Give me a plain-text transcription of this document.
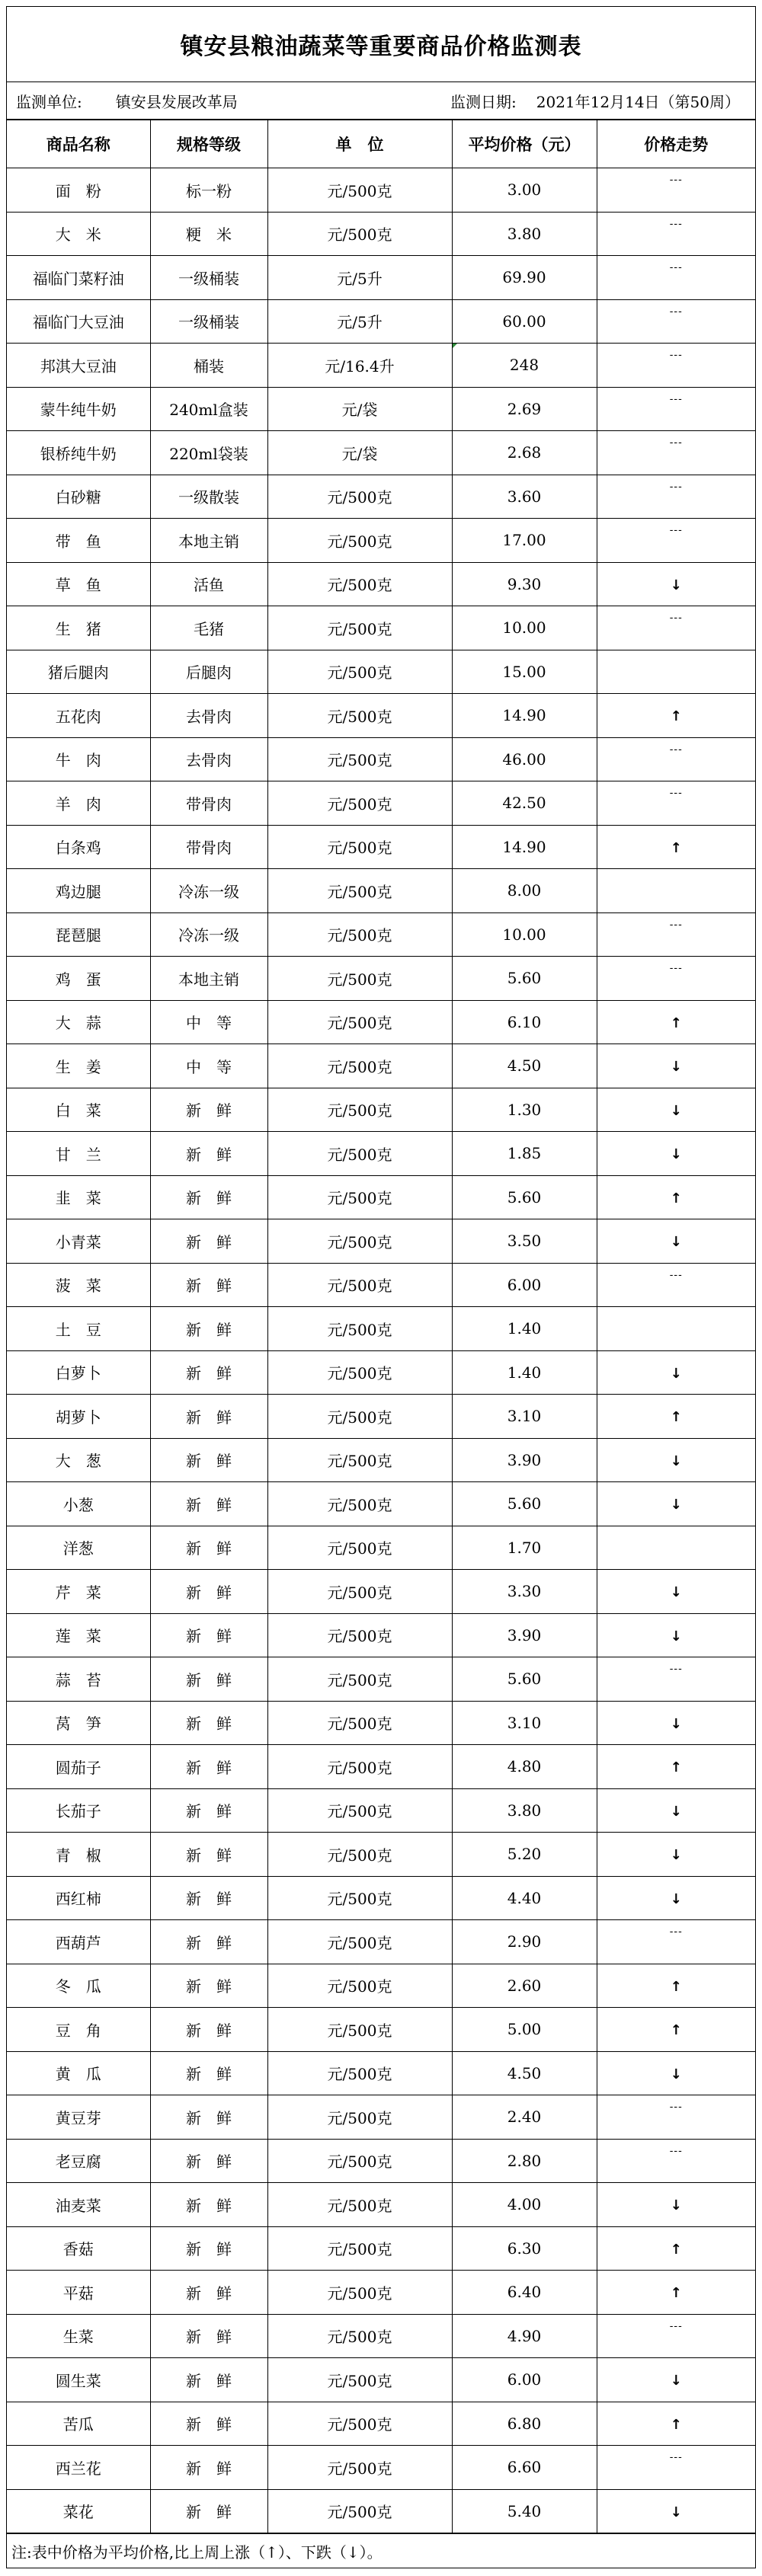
镇安县粮油蔬菜等重要商品价格监测表
监测单位: 镇安县发展改革局	监测日期: 2021年12月14日（第50周）
商品名称	规格等级	单　位	平均价格（元）	价格走势
面　粉	标一粉	元/500克	3.00	---

大　米	粳　米	元/500克	3.80	---

福临门菜籽油	一级桶装	元/5升	69.90	---

福临门大豆油	一级桶装	元/5升	60.00	---

邦淇大豆油	桶装	元/16.4升	248	---

蒙牛纯牛奶	240ml盒装	元/袋	2.69	---

银桥纯牛奶	220ml袋装	元/袋	2.68	---

白砂糖	一级散装	元/500克	3.60	---

带　鱼	本地主销	元/500克	17.00	---

草　鱼	活鱼	元/500克	9.30	↓
生　猪	毛猪	元/500克	10.00	---

猪后腿肉	后腿肉	元/500克	15.00	
五花肉	去骨肉	元/500克	14.90	↑
牛　肉	去骨肉	元/500克	46.00	---

羊　肉	带骨肉	元/500克	42.50	---

白条鸡	带骨肉	元/500克	14.90	↑
鸡边腿	冷冻一级	元/500克	8.00	
琵琶腿	冷冻一级	元/500克	10.00	---

鸡　蛋	本地主销	元/500克	5.60	---

大　蒜	中　等	元/500克	6.10	↑
生　姜	中　等	元/500克	4.50	↓
白　菜	新　鲜	元/500克	1.30	↓
甘　兰	新　鲜	元/500克	1.85	↓
韭　菜	新　鲜	元/500克	5.60	↑
小青菜	新　鲜	元/500克	3.50	↓
菠　菜	新　鲜	元/500克	6.00	---

土　豆	新　鲜	元/500克	1.40	
白萝卜	新　鲜	元/500克	1.40	↓
胡萝卜	新　鲜	元/500克	3.10	↑
大　葱	新　鲜	元/500克	3.90	↓
小葱	新　鲜	元/500克	5.60	↓
洋葱	新　鲜	元/500克	1.70	
芹　菜	新　鲜	元/500克	3.30	↓
莲　菜	新　鲜	元/500克	3.90	↓
蒜　苔	新　鲜	元/500克	5.60	---

莴　笋	新　鲜	元/500克	3.10	↓
圆茄子	新　鲜	元/500克	4.80	↑
长茄子	新　鲜	元/500克	3.80	↓
青　椒	新　鲜	元/500克	5.20	↓
西红柿	新　鲜	元/500克	4.40	↓
西葫芦	新　鲜	元/500克	2.90	---

冬　瓜	新　鲜	元/500克	2.60	↑
豆　角	新　鲜	元/500克	5.00	↑
黄　瓜	新　鲜	元/500克	4.50	↓
黄豆芽	新　鲜	元/500克	2.40	---

老豆腐	新　鲜	元/500克	2.80	---

油麦菜	新　鲜	元/500克	4.00	↓
香菇	新　鲜	元/500克	6.30	↑
平菇	新　鲜	元/500克	6.40	↑
生菜	新　鲜	元/500克	4.90	---

圆生菜	新　鲜	元/500克	6.00	↓
苦瓜	新　鲜	元/500克	6.80	↑
西兰花	新　鲜	元/500克	6.60	---

菜花	新　鲜	元/500克	5.40	↓
注:表中价格为平均价格,比上周上涨（↑）、下跌（↓）。
